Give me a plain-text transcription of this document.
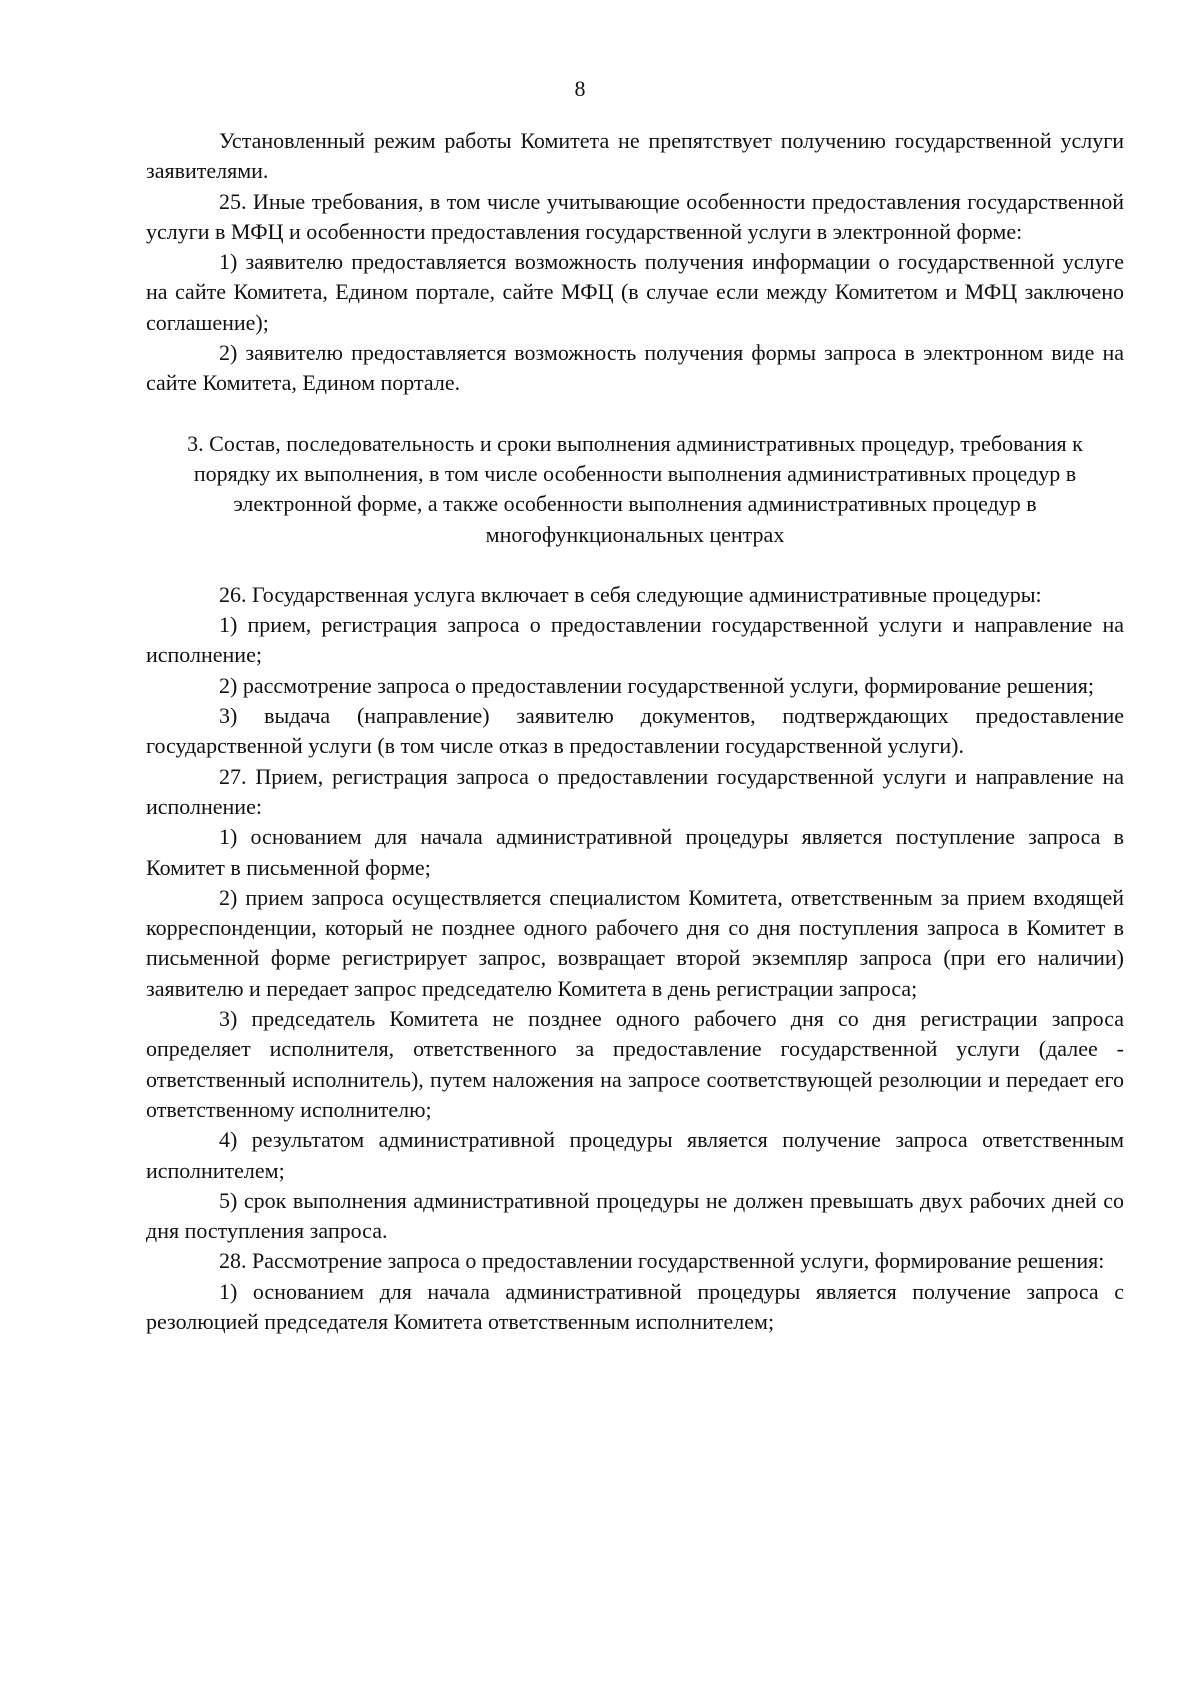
8

Установленный режим работы Комитета не препятствует получению государственной услуги заявителями.

25. Иные требования, в том числе учитывающие особенности предоставления государственной услуги в МФЦ и особенности предоставления государственной услуги в электронной форме:

1) заявителю предоставляется возможность получения информации о государственной услуге на сайте Комитета, Едином портале, сайте МФЦ (в случае если между Комитетом и МФЦ заключено соглашение);

2) заявителю предоставляется возможность получения формы запроса в электронном виде на сайте Комитета, Едином портале.

3. Состав, последовательность и сроки выполнения административных процедур, требования к порядку их выполнения, в том числе особенности выполнения административных процедур в электронной форме, а также особенности выполнения административных процедур в многофункциональных центрах

26. Государственная услуга включает в себя следующие административные процедуры:

1) прием, регистрация запроса о предоставлении государственной услуги и направление на исполнение;

2) рассмотрение запроса о предоставлении государственной услуги, формирование решения;

3) выдача (направление) заявителю документов, подтверждающих предоставление государственной услуги (в том числе отказ в предоставлении государственной услуги).

27. Прием, регистрация запроса о предоставлении государственной услуги и направление на исполнение:

1) основанием для начала административной процедуры является поступление запроса в Комитет в письменной форме;

2) прием запроса осуществляется специалистом Комитета, ответственным за прием входящей корреспонденции, который не позднее одного рабочего дня со дня поступления запроса в Комитет в письменной форме регистрирует запрос, возвращает второй экземпляр запроса (при его наличии) заявителю и передает запрос председателю Комитета в день регистрации запроса;

3) председатель Комитета не позднее одного рабочего дня со дня регистрации запроса определяет исполнителя, ответственного за предоставление государственной услуги (далее - ответственный исполнитель), путем наложения на запросе соответствующей резолюции и передает его ответственному исполнителю;

4) результатом административной процедуры является получение запроса ответственным исполнителем;

5) срок выполнения административной процедуры не должен превышать двух рабочих дней со дня поступления запроса.

28. Рассмотрение запроса о предоставлении государственной услуги, формирование решения:

1) основанием для начала административной процедуры является получение запроса с резолюцией председателя Комитета ответственным исполнителем;
